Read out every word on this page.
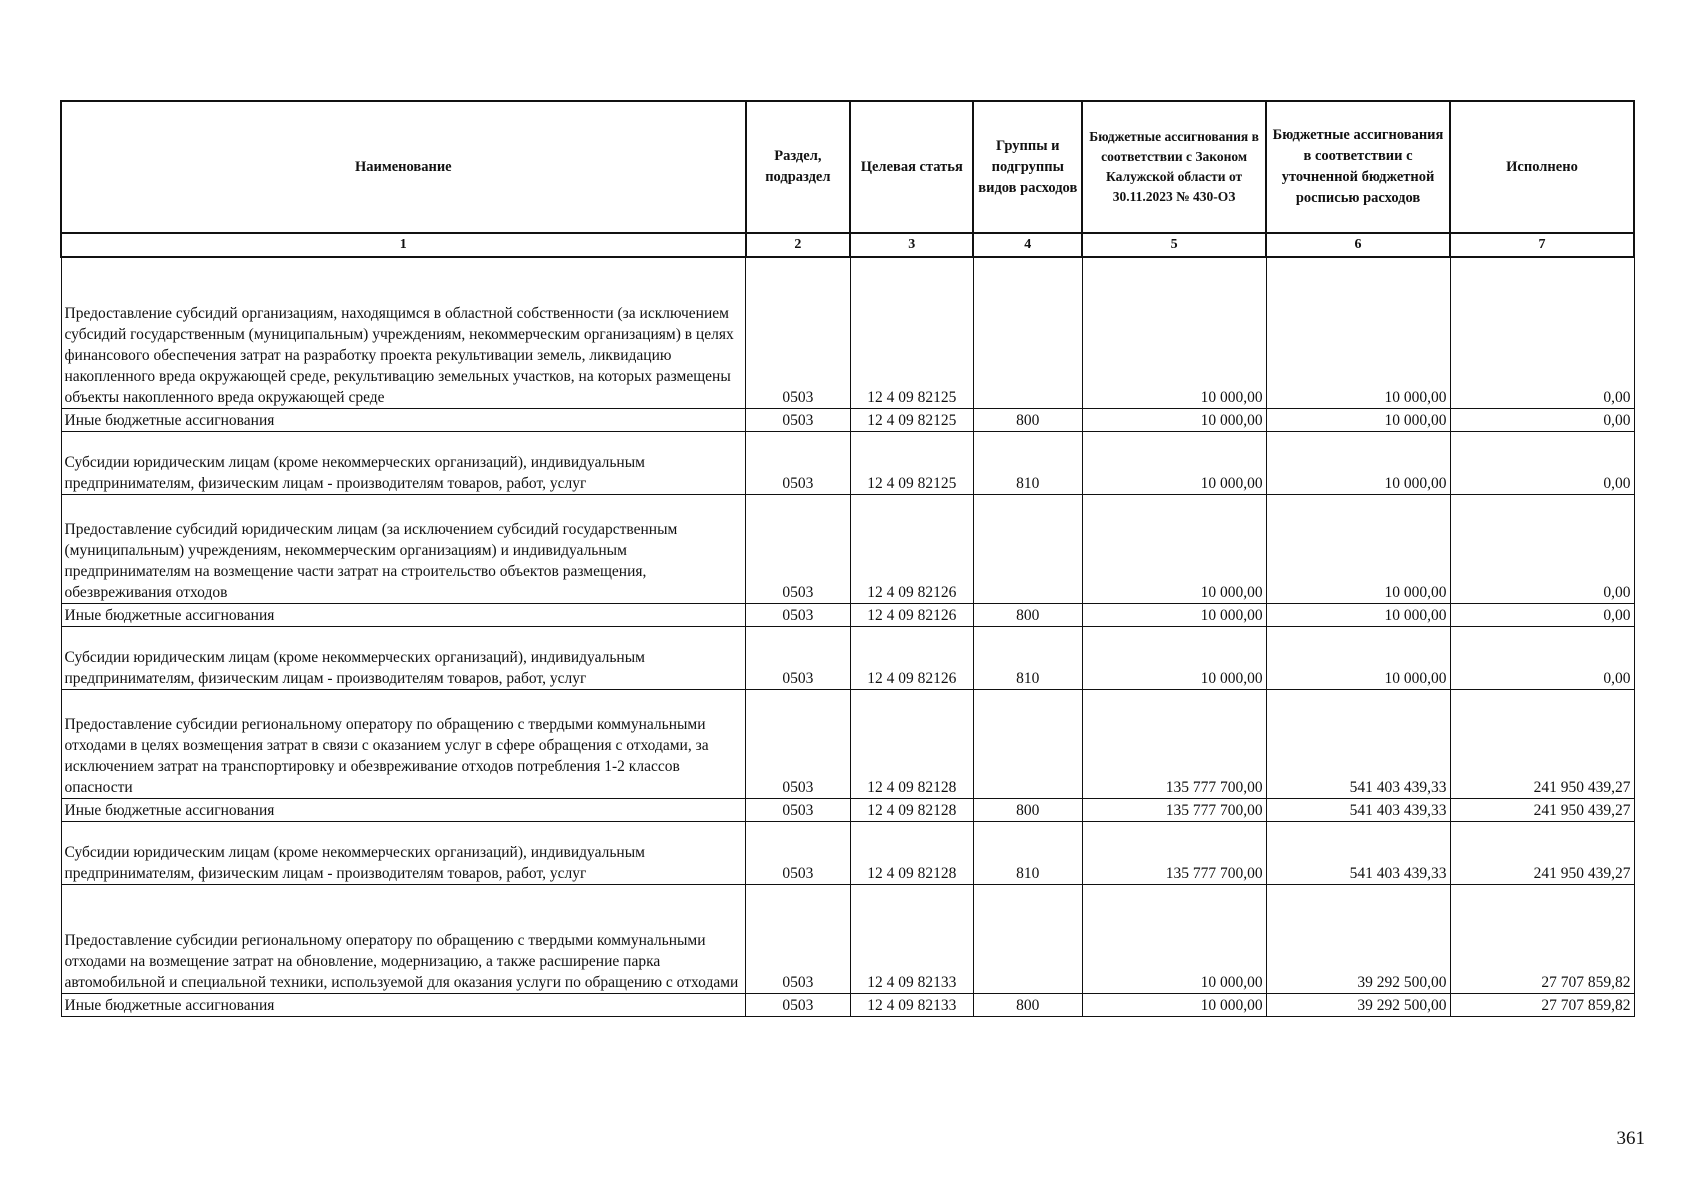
Наименование	Раздел, подраздел	Целевая статья	Группы и подгруппы видов расходов	Бюджетные ассигнования в соответствии с Законом Калужской области от 30.11.2023 № 430-ОЗ	Бюджетные ассигнования в соответствии с уточненной бюджетной росписью расходов	Исполнено
1	2	3	4	5	6	7
Предоставление субсидий организациям, находящимся в областной собственности (за исключением субсидий государственным (муниципальным) учреждениям, некоммерческим организациям) в целях финансового обеспечения затрат на разработку проекта рекультивации земель, ликвидацию накопленного вреда окружающей среде, рекультивацию земельных участков, на которых размещены объекты накопленного вреда окружающей среде	0503	12 4 09 82125		10 000,00	10 000,00	0,00
Иные бюджетные ассигнования	0503	12 4 09 82125	800	10 000,00	10 000,00	0,00
Субсидии юридическим лицам (кроме некоммерческих организаций), индивидуальным предпринимателям, физическим лицам - производителям товаров, работ, услуг	0503	12 4 09 82125	810	10 000,00	10 000,00	0,00
Предоставление субсидий юридическим лицам (за исключением субсидий государственным (муниципальным) учреждениям, некоммерческим организациям) и индивидуальным предпринимателям на возмещение части затрат на строительство объектов размещения, обезвреживания отходов	0503	12 4 09 82126		10 000,00	10 000,00	0,00
Иные бюджетные ассигнования	0503	12 4 09 82126	800	10 000,00	10 000,00	0,00
Субсидии юридическим лицам (кроме некоммерческих организаций), индивидуальным предпринимателям, физическим лицам - производителям товаров, работ, услуг	0503	12 4 09 82126	810	10 000,00	10 000,00	0,00
Предоставление субсидии региональному оператору по обращению с твердыми коммунальными отходами в целях возмещения затрат в связи с оказанием услуг в сфере обращения с отходами, за исключением затрат на транспортировку и обезвреживание отходов потребления 1-2 классов опасности	0503	12 4 09 82128		135 777 700,00	541 403 439,33	241 950 439,27
Иные бюджетные ассигнования	0503	12 4 09 82128	800	135 777 700,00	541 403 439,33	241 950 439,27
Субсидии юридическим лицам (кроме некоммерческих организаций), индивидуальным предпринимателям, физическим лицам - производителям товаров, работ, услуг	0503	12 4 09 82128	810	135 777 700,00	541 403 439,33	241 950 439,27
Предоставление субсидии региональному оператору по обращению с твердыми коммунальными отходами на возмещение затрат на обновление, модернизацию, а также расширение парка автомобильной и специальной техники, используемой для оказания услуги по обращению с отходами	0503	12 4 09 82133		10 000,00	39 292 500,00	27 707 859,82
Иные бюджетные ассигнования	0503	12 4 09 82133	800	10 000,00	39 292 500,00	27 707 859,82
361
